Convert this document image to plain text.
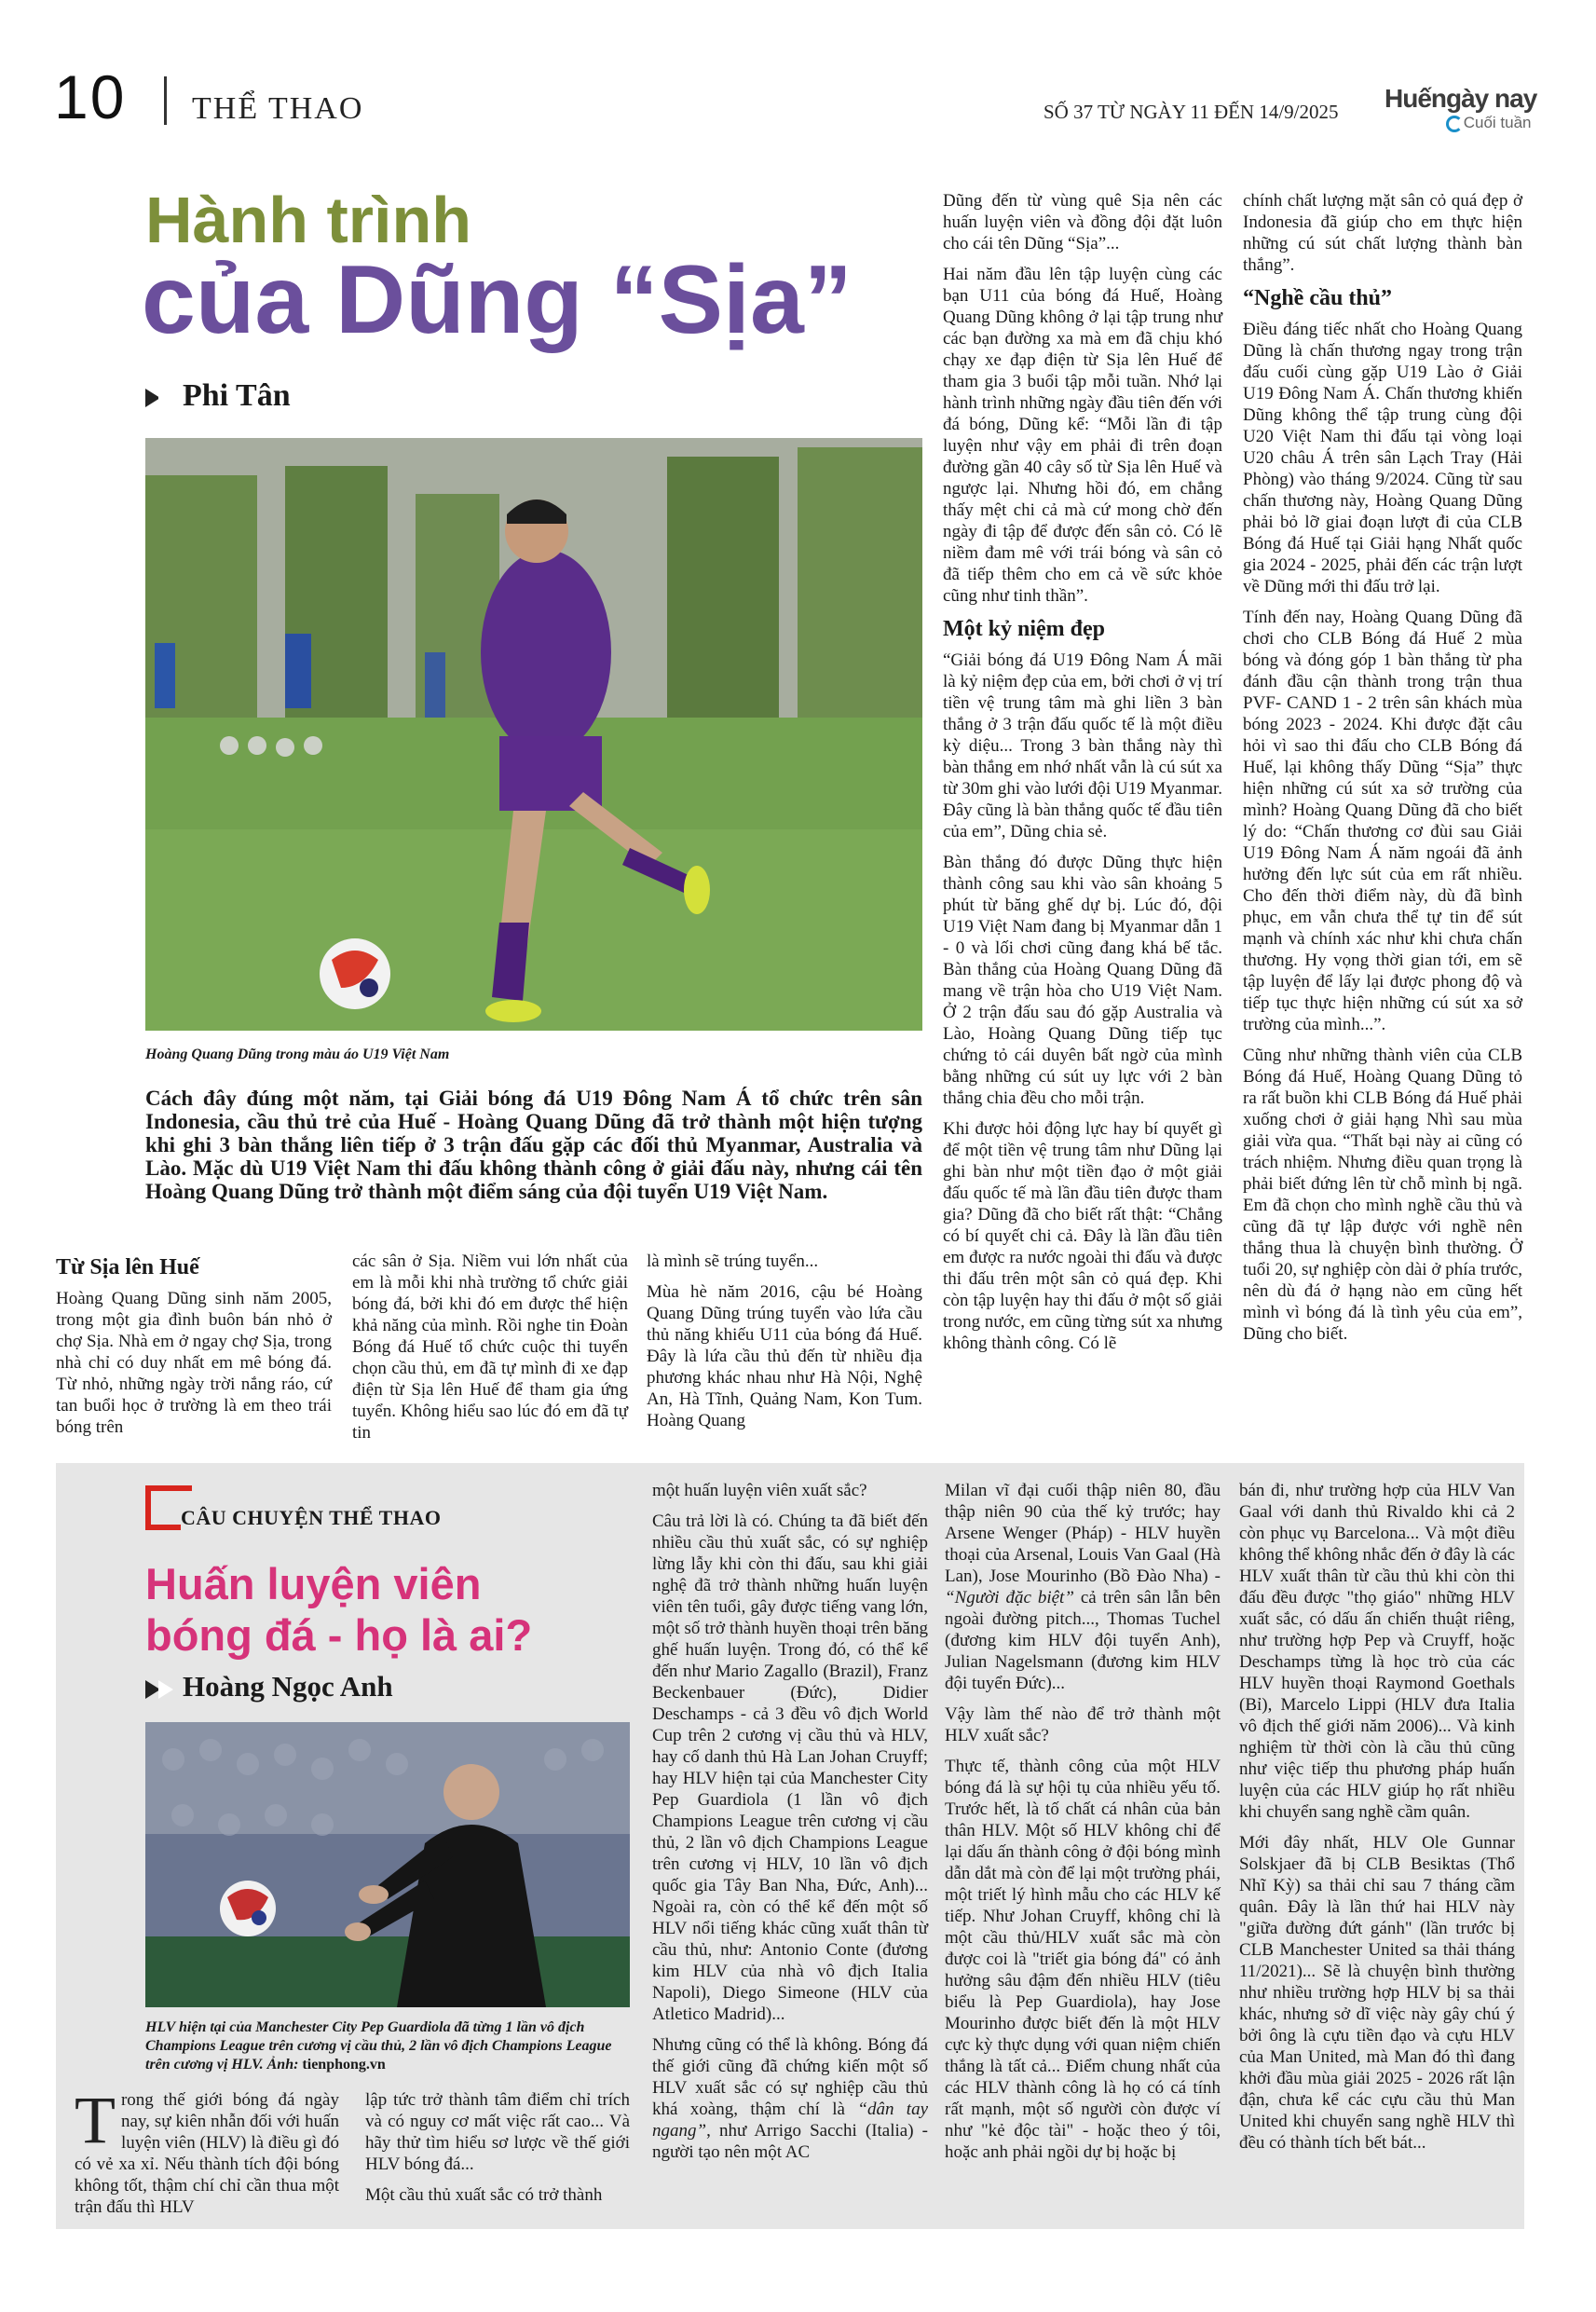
10 THỂ THAO	SỐ 37 TỪ NGÀY 11 ĐẾN 14/9/2025 Huếngày nay
Cuối tuần
Hành trình
của Dũng “Sịa”
Phi Tân
Hoàng Quang Dũng trong màu áo U19 Việt Nam
Cách đây đúng một năm, tại Giải bóng đá U19 Đông Nam Á tổ chức trên sân Indonesia, cầu thủ trẻ của Huế - Hoàng Quang Dũng đã trở thành một hiện tượng khi ghi 3 bàn thắng liên tiếp ở 3 trận đấu gặp các đối thủ Myanmar, Australia và Lào. Mặc dù U19 Việt Nam thi đấu không thành công ở giải đấu này, nhưng cái tên Hoàng Quang Dũng trở thành một điểm sáng của đội tuyển U19 Việt Nam.
Từ Sịa lên Huế

Hoàng Quang Dũng sinh năm 2005, trong một gia đình buôn bán nhỏ ở chợ Sịa. Nhà em ở ngay chợ Sịa, trong nhà chỉ có duy nhất em mê bóng đá. Từ nhỏ, những ngày trời nắng ráo, cứ tan buổi học ở trường là em theo trái bóng trên

các sân ở Sịa. Niềm vui lớn nhất của em là mỗi khi nhà trường tổ chức giải bóng đá, bởi khi đó em được thể hiện khả năng của mình. Rồi nghe tin Đoàn Bóng đá Huế tổ chức cuộc thi tuyển chọn cầu thủ, em đã tự mình đi xe đạp điện từ Sịa lên Huế để tham gia ứng tuyển. Không hiểu sao lúc đó em đã tự tin

là mình sẽ trúng tuyển...

Mùa hè năm 2016, cậu bé Hoàng Quang Dũng trúng tuyển vào lứa cầu thủ năng khiếu U11 của bóng đá Huế. Đây là lứa cầu thủ đến từ nhiều địa phương khác nhau như Hà Nội, Nghệ An, Hà Tĩnh, Quảng Nam, Kon Tum. Hoàng Quang

Dũng đến từ vùng quê Sịa nên các huấn luyện viên và đồng đội đặt luôn cho cái tên Dũng “Sịa”...

Hai năm đầu lên tập luyện cùng các bạn U11 của bóng đá Huế, Hoàng Quang Dũng không ở lại tập trung như các bạn đường xa mà em đã chịu khó chạy xe đạp điện từ Sịa lên Huế để tham gia 3 buổi tập mỗi tuần. Nhớ lại hành trình những ngày đầu tiên đến với đá bóng, Dũng kể: “Mỗi lần đi tập luyện như vậy em phải đi trên đoạn đường gần 40 cây số từ Sịa lên Huế và ngược lại. Nhưng hồi đó, em chẳng thấy mệt chi cả mà cứ mong chờ đến ngày đi tập để được đến sân cỏ. Có lẽ niềm đam mê với trái bóng và sân cỏ đã tiếp thêm cho em cả về sức khỏe cũng như tinh thần”.

Một kỷ niệm đẹp

“Giải bóng đá U19 Đông Nam Á mãi là kỷ niệm đẹp của em, bởi chơi ở vị trí tiền vệ trung tâm mà ghi liền 3 bàn thắng ở 3 trận đấu quốc tế là một điều kỳ diệu... Trong 3 bàn thắng này thì bàn thắng em nhớ nhất vẫn là cú sút xa từ 30m ghi vào lưới đội U19 Myanmar. Đây cũng là bàn thắng quốc tế đầu tiên của em”, Dũng chia sẻ.

Bàn thắng đó được Dũng thực hiện thành công sau khi vào sân khoảng 5 phút từ băng ghế dự bị. Lúc đó, đội U19 Việt Nam đang bị Myanmar dẫn 1 - 0 và lối chơi cũng đang khá bế tắc. Bàn thắng của Hoàng Quang Dũng đã mang về trận hòa cho U19 Việt Nam. Ở 2 trận đấu sau đó gặp Australia và Lào, Hoàng Quang Dũng tiếp tục chứng tỏ cái duyên bất ngờ của mình bằng những cú sút uy lực với 2 bàn thắng chia đều cho mỗi trận.

Khi được hỏi động lực hay bí quyết gì để một tiền vệ trung tâm như Dũng lại ghi bàn như một tiền đạo ở một giải đấu quốc tế mà lần đầu tiên được tham gia? Dũng đã cho biết rất thật: “Chẳng có bí quyết chi cả. Đây là lần đầu tiên em được ra nước ngoài thi đấu và được thi đấu trên một sân cỏ quá đẹp. Khi còn tập luyện hay thi đấu ở một số giải trong nước, em cũng từng sút xa nhưng không thành công. Có lẽ

chính chất lượng mặt sân cỏ quá đẹp ở Indonesia đã giúp cho em thực hiện những cú sút chất lượng thành bàn thắng”.

“Nghề cầu thủ”

Điều đáng tiếc nhất cho Hoàng Quang Dũng là chấn thương ngay trong trận đấu cuối cùng gặp U19 Lào ở Giải U19 Đông Nam Á. Chấn thương khiến Dũng không thể tập trung cùng đội U20 Việt Nam thi đấu tại vòng loại U20 châu Á trên sân Lạch Tray (Hải Phòng) vào tháng 9/2024. Cũng từ sau chấn thương này, Hoàng Quang Dũng phải bỏ lỡ giai đoạn lượt đi của CLB Bóng đá Huế tại Giải hạng Nhất quốc gia 2024 - 2025, phải đến các trận lượt về Dũng mới thi đấu trở lại.

Tính đến nay, Hoàng Quang Dũng đã chơi cho CLB Bóng đá Huế 2 mùa bóng và đóng góp 1 bàn thắng từ pha đánh đầu cận thành trong trận thua PVF- CAND 1 - 2 trên sân khách mùa bóng 2023 - 2024. Khi được đặt câu hỏi vì sao thi đấu cho CLB Bóng đá Huế, lại không thấy Dũng “Sịa” thực hiện những cú sút xa sở trường của mình? Hoàng Quang Dũng đã cho biết lý do: “Chấn thương cơ đùi sau Giải U19 Đông Nam Á năm ngoái đã ảnh hưởng đến lực sút của em rất nhiều. Cho đến thời điểm này, dù đã bình phục, em vẫn chưa thể tự tin để sút mạnh và chính xác như khi chưa chấn thương. Hy vọng thời gian tới, em sẽ tập luyện để lấy lại được phong độ và tiếp tục thực hiện những cú sút xa sở trường của mình...”.

Cũng như những thành viên của CLB Bóng đá Huế, Hoàng Quang Dũng tỏ ra rất buồn khi CLB Bóng đá Huế phải xuống chơi ở giải hạng Nhì sau mùa giải vừa qua. “Thất bại này ai cũng có trách nhiệm. Nhưng điều quan trọng là phải biết đứng lên từ chỗ mình bị ngã. Em đã chọn cho mình nghề cầu thủ và cũng đã tự lập được với nghề nên thắng thua là chuyện bình thường. Ở tuổi 20, sự nghiệp còn dài ở phía trước, nên dù đá ở hạng nào em cũng hết mình vì bóng đá là tình yêu của em”, Dũng cho biết.

CÂU CHUYỆN THỂ THAO
Huấn luyện viên bóng đá - họ là ai?
Hoàng Ngọc Anh
HLV hiện tại của Manchester City Pep Guardiola đã từng 1 lần vô địch Champions League trên cương vị cầu thủ, 2 lần vô địch Champions League trên cương vị HLV. Ảnh: tienphong.vn
T rong thế giới bóng đá ngày nay, sự kiên nhẫn đối với huấn luyện viên (HLV) là điều gì đó có vẻ xa xỉ. Nếu thành tích đội bóng không tốt, thậm chí chỉ cần thua một trận đấu thì HLV

lập tức trở thành tâm điểm chỉ trích và có nguy cơ mất việc rất cao... Và hãy thử tìm hiểu sơ lược về thế giới HLV bóng đá...

Một cầu thủ xuất sắc có trở thành

một huấn luyện viên xuất sắc?

Câu trả lời là có. Chúng ta đã biết đến nhiều cầu thủ xuất sắc, có sự nghiệp lừng lẫy khi còn thi đấu, sau khi giải nghệ đã trở thành những huấn luyện viên tên tuổi, gây được tiếng vang lớn, một số trở thành huyền thoại trên băng ghế huấn luyện. Trong đó, có thể kể đến như Mario Zagallo (Brazil), Franz Beckenbauer (Đức), Didier Deschamps - cả 3 đều vô địch World Cup trên 2 cương vị cầu thủ và HLV, hay cố danh thủ Hà Lan Johan Cruyff; hay HLV hiện tại của Manchester City Pep Guardiola (1 lần vô địch Champions League trên cương vị cầu thủ, 2 lần vô địch Champions League trên cương vị HLV, 10 lần vô địch quốc gia Tây Ban Nha, Đức, Anh)... Ngoài ra, còn có thể kể đến một số HLV nổi tiếng khác cũng xuất thân từ cầu thủ, như: Antonio Conte (đương kim HLV của nhà vô địch Italia Napoli), Diego Simeone (HLV của Atletico Madrid)...

Nhưng cũng có thể là không. Bóng đá thế giới cũng đã chứng kiến một số HLV xuất sắc có sự nghiệp cầu thủ khá xoàng, thậm chí là “dân tay ngang”, như Arrigo Sacchi (Italia) - người tạo nên một AC

Milan vĩ đại cuối thập niên 80, đầu thập niên 90 của thế kỷ trước; hay Arsene Wenger (Pháp) - HLV huyền thoại của Arsenal, Louis Van Gaal (Hà Lan), Jose Mourinho (Bồ Đào Nha) - “Người đặc biệt” cả trên sân lẫn bên ngoài đường pitch..., Thomas Tuchel (đương kim HLV đội tuyển Anh), Julian Nagelsmann (đương kim HLV đội tuyển Đức)...

Vậy làm thế nào để trở thành một HLV xuất sắc?

Thực tế, thành công của một HLV bóng đá là sự hội tụ của nhiều yếu tố. Trước hết, là tố chất cá nhân của bản thân HLV. Một số HLV không chỉ để lại dấu ấn thành công ở đội bóng mình dẫn dắt mà còn để lại một trường phái, một triết lý hình mẫu cho các HLV kế tiếp. Như Johan Cruyff, không chỉ là một cầu thủ/HLV xuất sắc mà còn được coi là "triết gia bóng đá" có ảnh hưởng sâu đậm đến nhiều HLV (tiêu biểu là Pep Guardiola), hay Jose Mourinho được biết đến là một HLV cực kỳ thực dụng với quan niệm chiến thắng là tất cả... Điểm chung nhất của các HLV thành công là họ có cá tính rất mạnh, một số người còn được ví như "kẻ độc tài" - hoặc theo ý tôi, hoặc anh phải ngồi dự bị hoặc bị

bán đi, như trường hợp của HLV Van Gaal với danh thủ Rivaldo khi cả 2 còn phục vụ Barcelona... Và một điều không thể không nhắc đến ở đây là các HLV xuất thân từ cầu thủ khi còn thi đấu đều được "thọ giáo" những HLV xuất sắc, có dấu ấn chiến thuật riêng, như trường hợp Pep và Cruyff, hoặc Deschamps từng là học trò của các HLV huyền thoại Raymond Goethals (Bỉ), Marcelo Lippi (HLV đưa Italia vô địch thế giới năm 2006)... Và kinh nghiệm từ thời còn là cầu thủ cũng như việc tiếp thu phương pháp huấn luyện của các HLV giúp họ rất nhiều khi chuyển sang nghề cầm quân.

Mới đây nhất, HLV Ole Gunnar Solskjaer đã bị CLB Besiktas (Thổ Nhĩ Kỳ) sa thải chỉ sau 7 tháng cầm quân. Đây là lần thứ hai HLV này "giữa đường đứt gánh" (lần trước bị CLB Manchester United sa thải tháng 11/2021)... Sẽ là chuyện bình thường như nhiều trường hợp HLV bị sa thải khác, nhưng sở dĩ việc này gây chú ý bởi ông là cựu tiền đạo và cựu HLV của Man United, mà Man đó thì đang khởi đầu mùa giải 2025 - 2026 rất lận đận, chưa kể các cựu cầu thủ Man United khi chuyển sang nghề HLV thì đều có thành tích bết bát...
